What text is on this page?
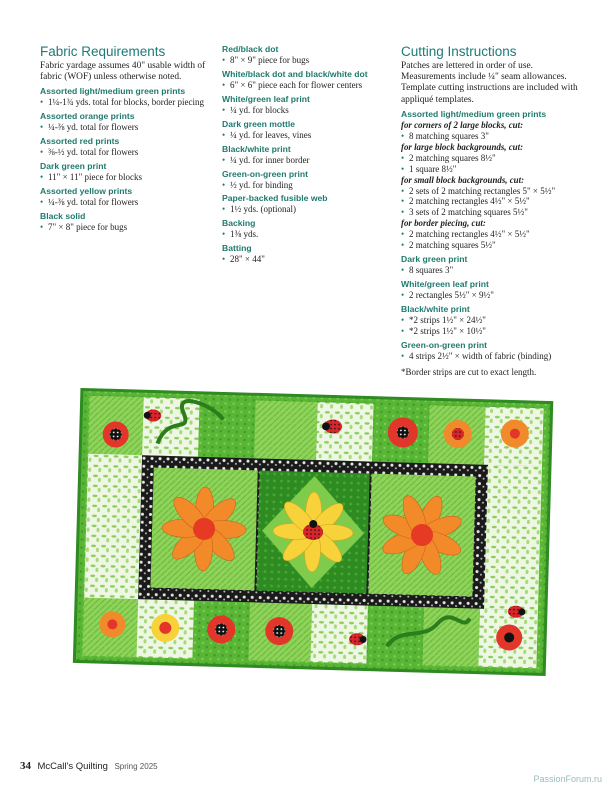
Fabric Requirements
Fabric yardage assumes 40" usable width of fabric (WOF) unless otherwise noted.
Assorted light/medium green prints
• 1¼-1¾ yds. total for blocks, border piecing
Assorted orange prints
• ¼-⅜ yd. total for flowers
Assorted red prints
• ⅜-½ yd. total for flowers
Dark green print
• 11" × 11" piece for blocks
Assorted yellow prints
• ¼-⅜ yd. total for flowers
Black solid
• 7" × 8" piece for bugs
Red/black dot
• 8" × 9" piece for bugs
White/black dot and black/white dot
• 6" × 6" piece each for flower centers
White/green leaf print
• ¼ yd. for blocks
Dark green mottle
• ¼ yd. for leaves, vines
Black/white print
• ¼ yd. for inner border
Green-on-green print
• ½ yd. for binding
Paper-backed fusible web
• 1½ yds. (optional)
Backing
• 1⅜ yds.
Batting
• 28" × 44"
Cutting Instructions
Patches are lettered in order of use. Measurements include ¼" seam allowances. Template cutting instructions are included with appliqué templates.
Assorted light/medium green prints
for corners of 2 large blocks, cut:
• 8 matching squares 3"
for large block backgrounds, cut:
• 2 matching squares 8½"
• 1 square 8½"
for small block backgrounds, cut:
• 2 sets of 2 matching rectangles 5" × 5½"
• 2 matching rectangles 4½" × 5½"
• 3 sets of 2 matching squares 5½"
for border piecing, cut:
• 2 matching rectangles 4½" × 5½"
• 2 matching squares 5½"
Dark green print
• 8 squares 3"
White/green leaf print
• 2 rectangles 5½" × 9½"
Black/white print
• *2 strips 1½" × 24½"
• *2 strips 1½" × 10½"
Green-on-green print
• 4 strips 2½" × width of fabric (binding)
*Border strips are cut to exact length.
34 McCall's Quilting Spring 2025
PassionForum.ru
